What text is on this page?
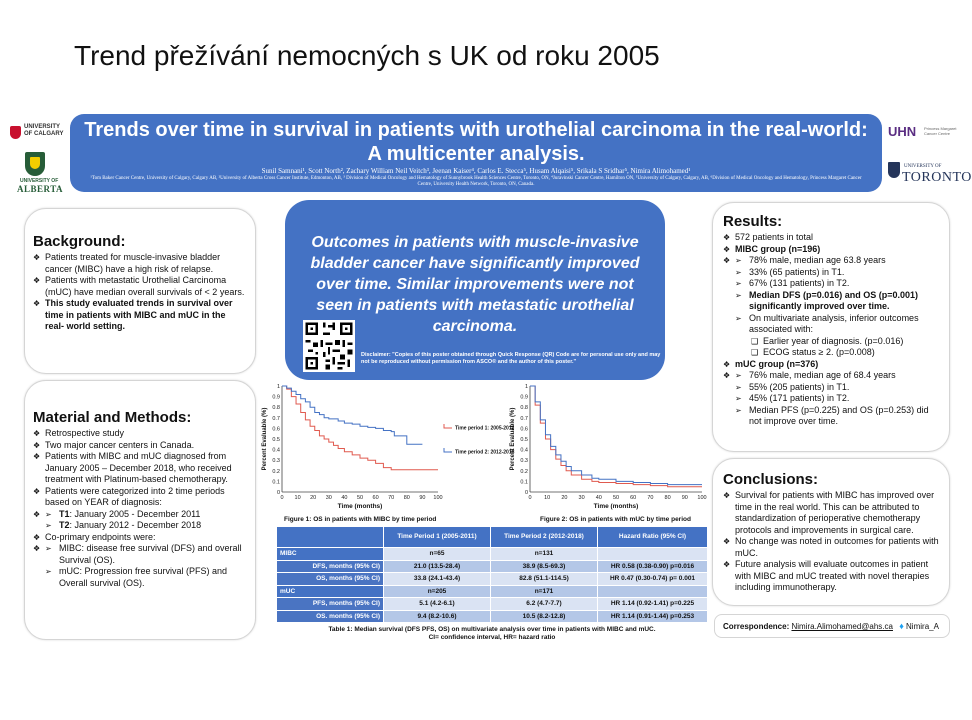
Trend přežívání nemocných s UK od roku 2005
UNIVERSITY OF CALGARY
UNIVERSITY OF
ALBERTA
UHN Princess Margaret Cancer Centre
UNIVERSITY OF
TORONTO
Trends over time in survival in patients with urothelial carcinoma in the real-world:
A multicenter analysis.
Sunil Samnani¹, Scott North², Zachary William Neil Veitch³, Jeenan Kaiser⁴, Carlos E. Stecca⁵, Husam Alqaisi⁵, Srikala S Sridhar⁵, Nimira Alimohamed¹
¹Tom Baker Cancer Centre, University of Calgary, Calgary AB, ²University of Alberta Cross Cancer Institute, Edmonton, AB, ³ Division of Medical Oncology and Hematology of Sunnybrook Health Sciences Centre, Toronto, ON, ⁴Juravinski Cancer Centre, Hamilton ON, ⁵University of Calgary, Calgary, AB, ⁶Division of Medical Oncology and Hematology, Princess Margaret Cancer Centre, University Health Network, Toronto, ON, Canada.
Background:
❖ Patients treated for muscle-invasive bladder cancer (MIBC) have a high risk of relapse.
❖ Patients with metastatic Urothelial Carcinoma (mUC) have median overall survivals of < 2 years.
❖ This study evaluated trends in survival over time in patients with MIBC and mUC in the real- world setting.
Material and Methods:
❖ Retrospective study
❖ Two major cancer centers in Canada.
❖ Patients with MIBC and mUC diagnosed from January 2005 – December 2018, who received treatment with Platinum-based chemotherapy.
❖ Patients were categorized into 2 time periods based on YEAR of diagnosis:
➢ ❖ T1: January 2005 - December 2011
➢ T2: January 2012 - December 2018
❖ Co-primary endpoints were:
➢ ❖ MIBC: disease free survival (DFS) and overall Survival (OS).
➢ mUC: Progression free survival (PFS) and Overall survival (OS).
Outcomes in patients with muscle-invasive bladder cancer have significantly improved over time. Similar improvements were not seen in patients with metastatic urothelial carcinoma.
Disclaimer: "Copies of this poster obtained through Quick Response (QR) Code are for personal use only and may not be reproduced without permission from ASCO® and the author of this poster."
Results:
❖ 572 patients in total
❖ MIBC group (n=196)
➢ ❖ 78% male, median age 63.8 years
➢ 33% (65 patients) in T1.
➢ 67% (131 patients) in T2.
➢ Median DFS (p=0.016) and OS (p=0.001) significantly improved over time.
➢ On multivariate analysis, inferior outcomes associated with:
❑ Earlier year of diagnosis. (p=0.016)
❑ ECOG status ≥ 2. (p=0.008)
❖ mUC group (n=376)
➢ ❖ 76% male, median age of 68.4 years
➢ 55% (205 patients) in T1.
➢ 45% (171 patients) in T2.
➢ Median PFS (p=0.225) and OS (p=0.253) did not improve over time.
Conclusions:
❖ Survival for patients with MIBC has improved over time in the real world. This can be attributed to standardization of perioperative chemotherapy protocols and improvements in surgical care.
❖ No change was noted in outcomes for patients with mUC.
❖ Future analysis will evaluate outcomes in patient with MIBC and mUC treated with novel therapies including immunotherapy.
Correspondence: Nimira.Alimohamed@ahs.ca ♦ Nimira_A
0
0.1
0.2
0.3
0.4
0.5
0.6
0.7
0.8
0.9
1
0 10 20 30 40 50 60 70 80 90 100
Time (months)
Percent Evaluable (%)	Time period 1: 2005-2011
Time period 2: 2012-2018
Figure 1: OS in patients with MIBC by time period
0
0.1
0.2
0.3
0.4
0.5
0.6
0.7
0.8
0.9
1
0 10 20 30 40 50 60 70 80 90 100
Time (months)
Percent Evaluable (%)
Figure 2: OS in patients with mUC by time period
	Time Period 1 (2005-2011)	Time Period 2 (2012-2018)	Hazard Ratio (95% CI)
MIBC	n=65	n=131	
DFS, months (95% CI)	21.0 (13.5-28.4)	38.9 (8.5-69.3)	HR 0.58 (0.38-0.90) p=0.016
OS, months (95% CI)	33.8 (24.1-43.4)	82.8 (51.1-114.5)	HR 0.47 (0.30-0.74) p= 0.001
mUC	n=205	n=171	
PFS, months (95% CI)	5.1 (4.2-6.1)	6.2 (4.7-7.7)	HR 1.14 (0.92-1.41) p=0.225
OS. months (95% CI)	9.4 (8.2-10.6)	10.5 (8.2-12.8)	HR 1.14 (0.91-1.44) p=0.253
Table 1: Median survival (DFS PFS, OS) on multivariate analysis over time in patients with MIBC and mUC.
CI= confidence interval, HR= hazard ratio
